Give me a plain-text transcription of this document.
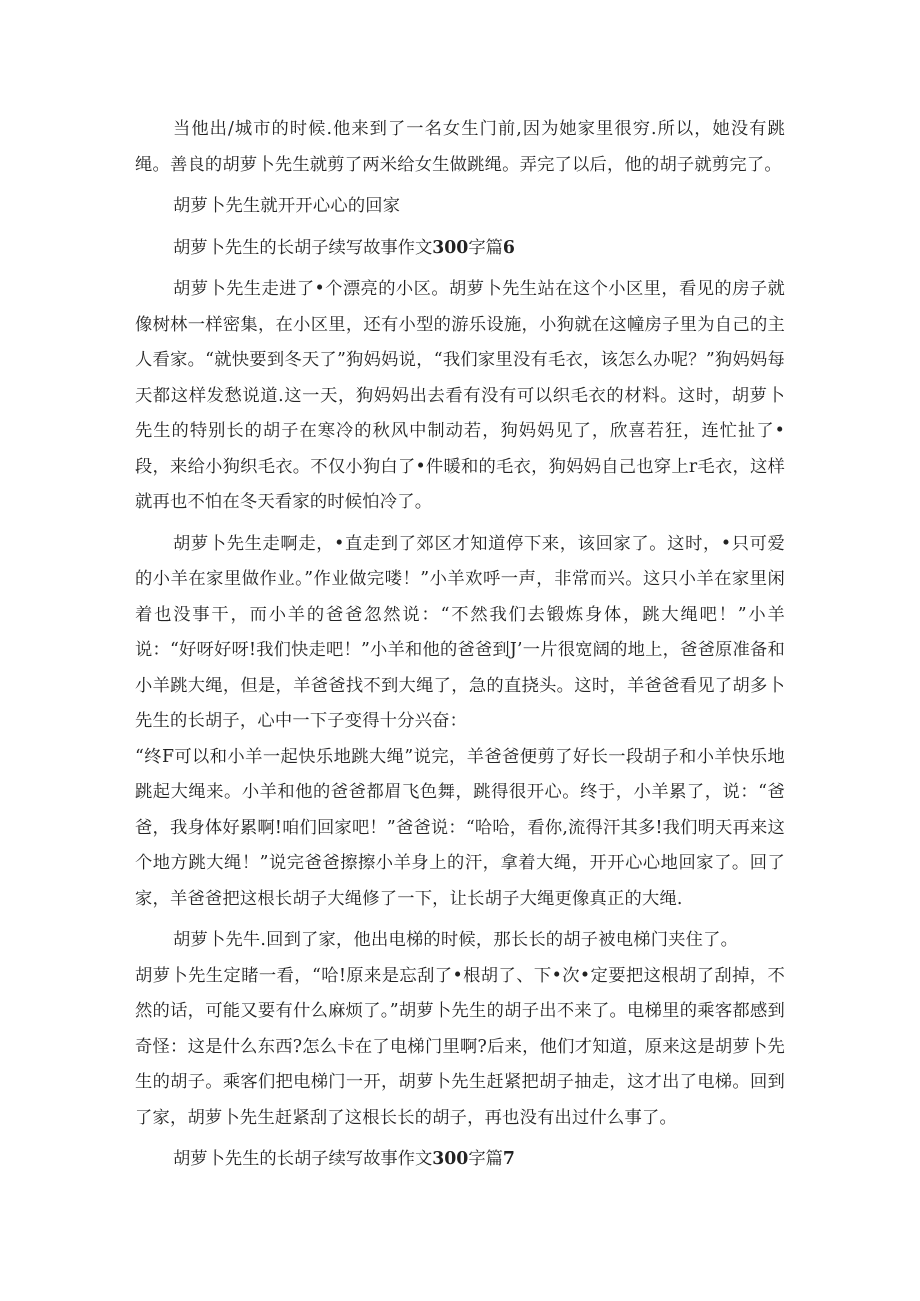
当他出/城市的时候.他来到了一名女生门前,因为她家里很穷.所以，她没有跳绳。善良的胡萝卜先生就剪了两米给女生做跳绳。弄完了以后，他的胡子就剪完了。

胡萝卜先生就开开心心的回家

胡萝卜先生的长胡子续写故事作文300字篇6

胡萝卜先生走进了•个漂亮的小区。胡萝卜先生站在这个小区里，看见的房子就像树林一样密集，在小区里，还有小型的游乐设施，小狗就在这幢房子里为自己的主人看家。“就快要到冬天了”狗妈妈说，“我们家里没有毛衣，该怎么办呢？”狗妈妈每天都这样发愁说道.这一天，狗妈妈出去看有没有可以织毛衣的材料。这时，胡萝卜先生的特别长的胡子在寒冷的秋风中制动若，狗妈妈见了，欣喜若狂，连忙扯了•段，来给小狗织毛衣。不仅小狗白了•件暖和的毛衣，狗妈妈自己也穿上r毛衣，这样就再也不怕在冬天看家的时候怕冷了。

胡萝卜先生走啊走，•直走到了郊区才知道停下来，该回家了。这时，•只可爱的小羊在家里做作业。”作业做完喽！”小羊欢呼一声，非常而兴。这只小羊在家里闲着也没事干，而小羊的爸爸忽然说：“不然我们去锻炼身体，跳大绳吧！”小羊说：“好呀好呀!我们快走吧！”小羊和他的爸爸到J’一片很宽阔的地上，爸爸原准备和小羊跳大绳，但是，羊爸爸找不到大绳了，急的直挠头。这时，羊爸爸看见了胡多卜先生的长胡子，心中一下子变得十分兴奋：

“终F可以和小羊一起快乐地跳大绳”说完，羊爸爸便剪了好长一段胡子和小羊快乐地跳起大绳来。小羊和他的爸爸都眉飞色舞，跳得很开心。终于，小羊累了，说：“爸爸，我身体好累啊!咱们回家吧！”爸爸说：“哈哈，看你,流得汗其多!我们明天再来这个地方跳大绳！”说完爸爸擦擦小羊身上的汗，拿着大绳，开开心心地回家了。回了家，羊爸爸把这根长胡子大绳修了一下，让长胡子大绳更像真正的大绳.

胡萝卜先牛.回到了家，他出电梯的时候，那长长的胡子被电梯门夹住了。

胡萝卜先生定睹一看，“哈!原来是忘刮了•根胡了、下•次•定要把这根胡了刮掉，不然的话，可能又要有什么麻烦了。”胡萝卜先生的胡子出不来了。电梯里的乘客都感到奇怪：这是什么东西?怎么卡在了电梯门里啊?后来，他们才知道，原来这是胡萝卜先生的胡子。乘客们把电梯门一开，胡萝卜先生赶紧把胡子抽走，这才出了电梯。回到了家，胡萝卜先生赶紧刮了这根长长的胡子，再也没有出过什么事了。

胡萝卜先生的长胡子续写故事作文300字篇7
